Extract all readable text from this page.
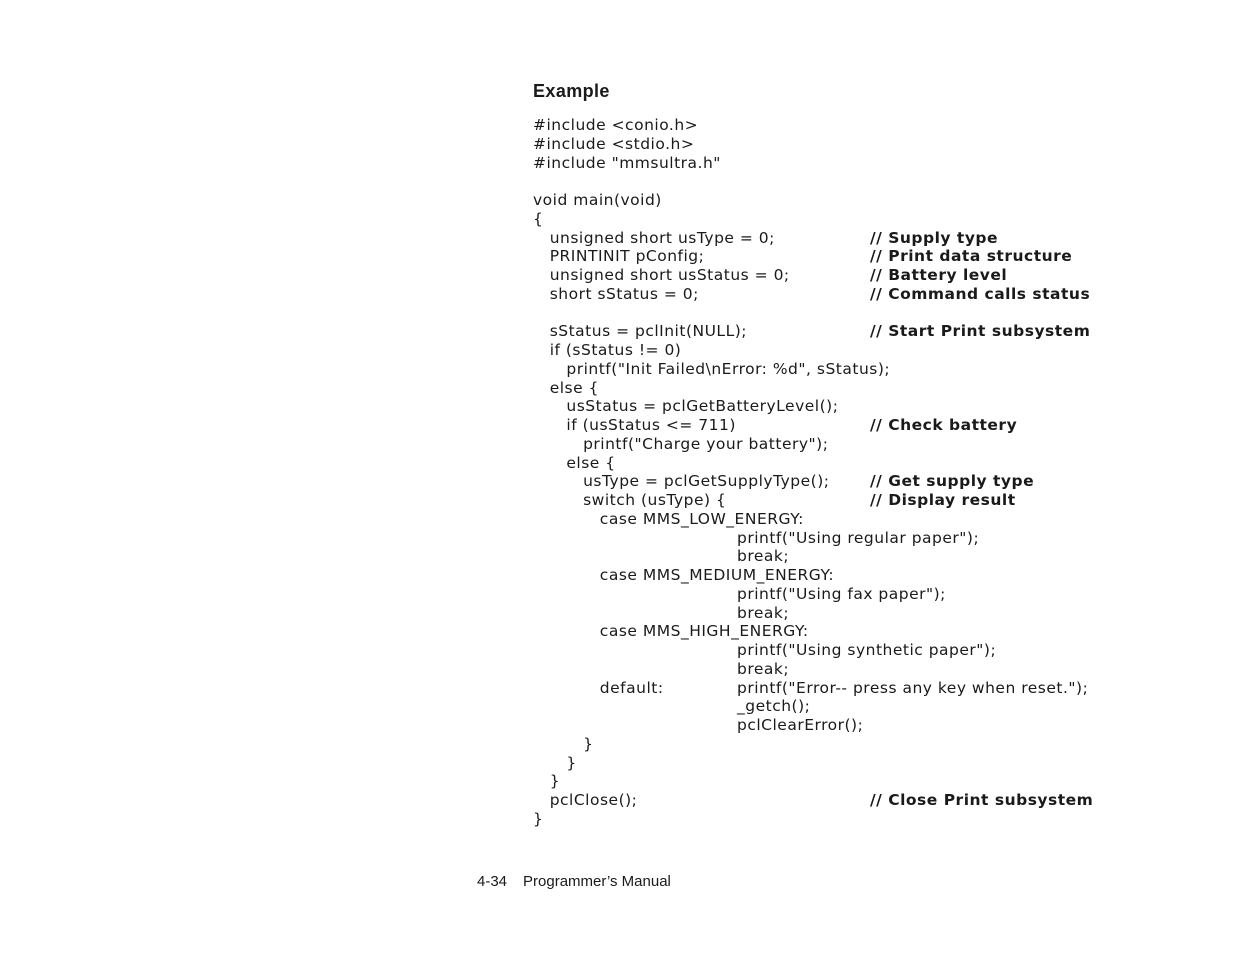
Example
#include <conio.h>
#include <stdio.h>
#include "mmsultra.h"
void main(void)
{
unsigned short usType = 0;	// Supply type
PRINTINIT pConfig;	// Print data structure
unsigned short usStatus = 0;	// Battery level
short sStatus = 0;	// Command calls status
sStatus = pclInit(NULL);	// Start Print subsystem
if (sStatus != 0)
printf("Init Failed\nError: %d", sStatus);
else {
usStatus = pclGetBatteryLevel();
if (usStatus <= 711)	// Check battery
printf("Charge your battery");
else {
usType = pclGetSupplyType();	// Get supply type
switch (usType) {	// Display result
case MMS_LOW_ENERGY:
printf("Using regular paper");
break;
case MMS_MEDIUM_ENERGY:
printf("Using fax paper");
break;
case MMS_HIGH_ENERGY:
printf("Using synthetic paper");
break;
default:	printf("Error-- press any key when reset.");
_getch();
pclClearError();
}
}
}
pclClose();	// Close Print subsystem
}
4-34 Programmer’s Manual
